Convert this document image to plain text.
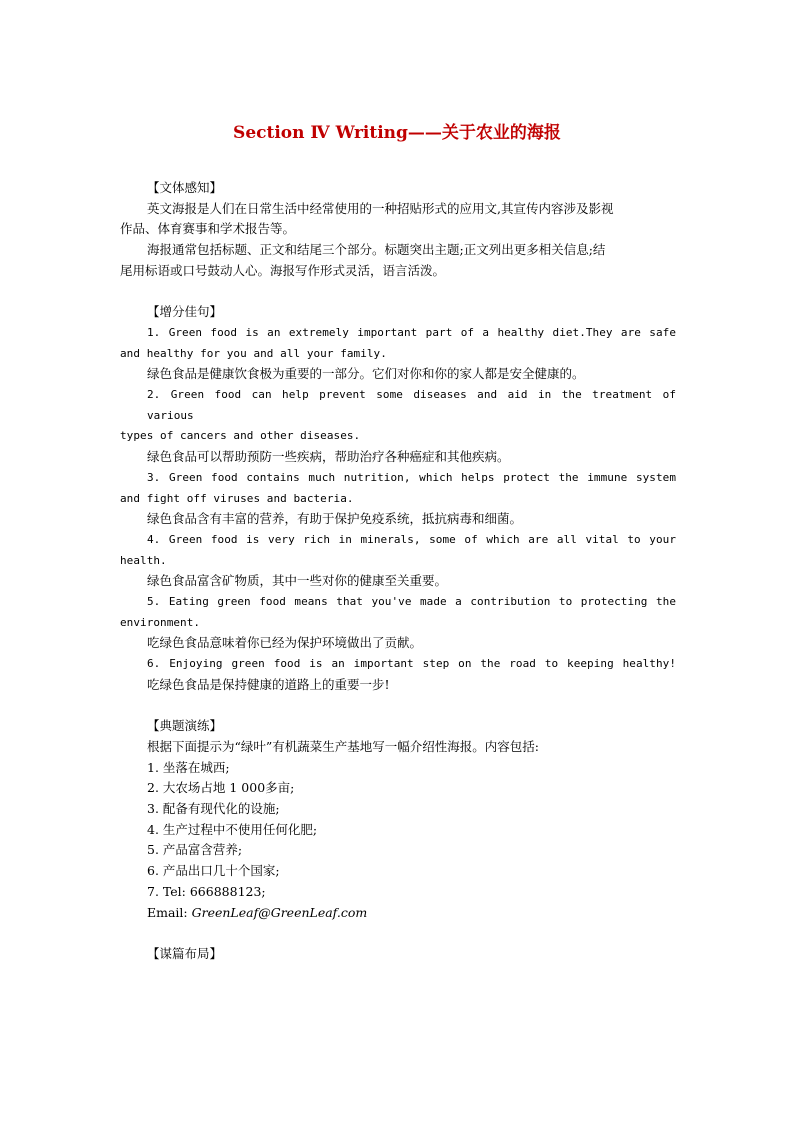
Section Ⅳ Writing——关于农业的海报
【文体感知】
英文海报是人们在日常生活中经常使用的一种招贴形式的应用文,其宣传内容涉及影视
作品、体育赛事和学术报告等。
海报通常包括标题、正文和结尾三个部分。标题突出主题;正文列出更多相关信息;结
尾用标语或口号鼓动人心。海报写作形式灵活，语言活泼。
【增分佳句】
1. Green food is an extremely important part of a healthy diet.They are safe
and healthy for you and all your family.
绿色食品是健康饮食极为重要的一部分。它们对你和你的家人都是安全健康的。
2. Green food can help prevent some diseases and aid in the treatment of various
types of cancers and other diseases.
绿色食品可以帮助预防一些疾病，帮助治疗各种癌症和其他疾病。
3. Green food contains much nutrition, which helps protect the immune system
and fight off viruses and bacteria.
绿色食品含有丰富的营养，有助于保护免疫系统，抵抗病毒和细菌。
4. Green food is very rich in minerals, some of which are all vital to your
health.
绿色食品富含矿物质，其中一些对你的健康至关重要。
5. Eating green food means that you've made a contribution to protecting the
environment.
吃绿色食品意味着你已经为保护环境做出了贡献。
6. Enjoying green food is an important step on the road to keeping healthy!
吃绿色食品是保持健康的道路上的重要一步!
【典题演练】
根据下面提示为“绿叶”有机蔬菜生产基地写一幅介绍性海报。内容包括:
1. 坐落在城西;
2. 大农场占地 1 000多亩;
3. 配备有现代化的设施;
4. 生产过程中不使用任何化肥;
5. 产品富含营养;
6. 产品出口几十个国家;
7. Tel: 666888123;
Email: GreenLeaf@GreenLeaf.com
【谋篇布局】
